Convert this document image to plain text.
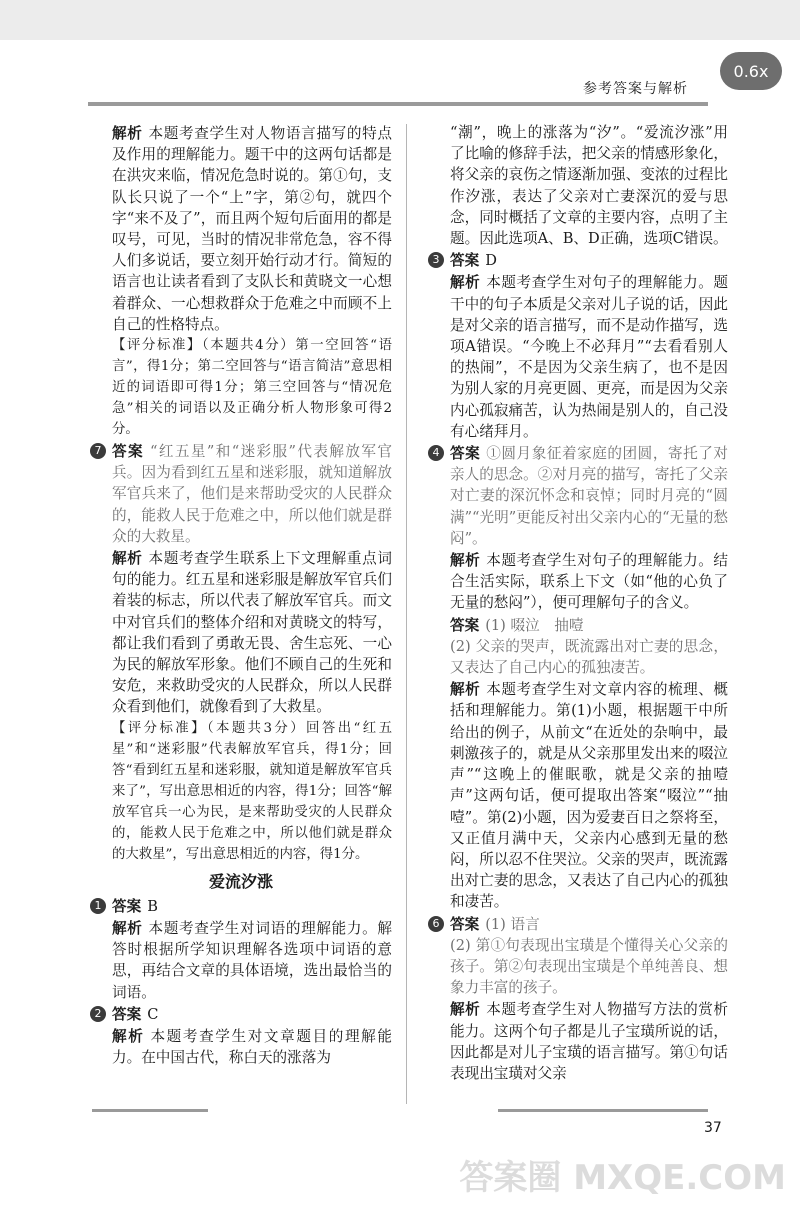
0.6x
参考答案与解析
解析 本题考查学生对人物语言描写的特点及作用的理解能力。题干中的这两句话都是在洪灾来临，情况危急时说的。第①句，支队长只说了一个“上”字，第②句，就四个字“来不及了”，而且两个短句后面用的都是叹号，可见，当时的情况非常危急，容不得人们多说话，要立刻开始行动才行。简短的语言也让读者看到了支队长和黄晓文一心想着群众、一心想救群众于危难之中而顾不上自己的性格特点。
【评分标准】（本题共4分）第一空回答“语言”，得1分；第二空回答与“语言简洁”意思相近的词语即可得1分；第三空回答与“情况危急”相关的词语以及正确分析人物形象可得2分。
7 答案 “红五星”和“迷彩服”代表解放军官兵。因为看到红五星和迷彩服，就知道解放军官兵来了，他们是来帮助受灾的人民群众的，能救人民于危难之中，所以他们就是群众的大救星。
解析 本题考查学生联系上下文理解重点词句的能力。红五星和迷彩服是解放军官兵们着装的标志，所以代表了解放军官兵。而文中对官兵们的整体介绍和对黄晓文的特写，都让我们看到了勇敢无畏、舍生忘死、一心为民的解放军形象。他们不顾自己的生死和安危，来救助受灾的人民群众，所以人民群众看到他们，就像看到了大救星。
【评分标准】（本题共3分）回答出“红五星”和“迷彩服”代表解放军官兵，得1分；回答“看到红五星和迷彩服，就知道是解放军官兵来了”，写出意思相近的内容，得1分；回答“解放军官兵一心为民，是来帮助受灾的人民群众的，能救人民于危难之中，所以他们就是群众的大救星”，写出意思相近的内容，得1分。
爱流汐涨
1 答案 B
解析 本题考查学生对词语的理解能力。解答时根据所学知识理解各选项中词语的意思，再结合文章的具体语境，选出最恰当的词语。
2 答案 C
解析 本题考查学生对文章题目的理解能力。在中国古代，称白天的涨落为
“潮”，晚上的涨落为“汐”。“爱流汐涨”用了比喻的修辞手法，把父亲的情感形象化，将父亲的哀伤之情逐渐加强、变浓的过程比作汐涨，表达了父亲对亡妻深沉的爱与思念，同时概括了文章的主要内容，点明了主题。因此选项A、B、D正确，选项C错误。
3 答案 D
解析 本题考查学生对句子的理解能力。题干中的句子本质是父亲对儿子说的话，因此是对父亲的语言描写，而不是动作描写，选项A错误。“今晚上不必拜月”“去看看别人的热闹”，不是因为父亲生病了，也不是因为别人家的月亮更圆、更亮，而是因为父亲内心孤寂痛苦，认为热闹是别人的，自己没有心绪拜月。
4 答案 ①圆月象征着家庭的团圆，寄托了对亲人的思念。②对月亮的描写，寄托了父亲对亡妻的深沉怀念和哀悼；同时月亮的“圆满”“光明”更能反衬出父亲内心的“无量的愁闷”。
解析 本题考查学生对句子的理解能力。结合生活实际，联系上下文（如“他的心负了无量的愁闷”），便可理解句子的含义。
答案 (1) 啜泣　抽噎
(2) 父亲的哭声，既流露出对亡妻的思念，又表达了自己内心的孤独凄苦。
解析 本题考查学生对文章内容的梳理、概括和理解能力。第(1)小题，根据题干中所给出的例子，从前文“在近处的杂响中，最刺激孩子的，就是从父亲那里发出来的啜泣声”“这晚上的催眠歌，就是父亲的抽噎声”这两句话，便可提取出答案“啜泣”“抽噎”。第(2)小题，因为爱妻百日之祭将至，又正值月满中天，父亲内心感到无量的愁闷，所以忍不住哭泣。父亲的哭声，既流露出对亡妻的思念，又表达了自己内心的孤独和凄苦。
6 答案 (1) 语言
(2) 第①句表现出宝璜是个懂得关心父亲的孩子。第②句表现出宝璜是个单纯善良、想象力丰富的孩子。
解析 本题考查学生对人物描写方法的赏析能力。这两个句子都是儿子宝璜所说的话，因此都是对儿子宝璜的语言描写。第①句话表现出宝璜对父亲
37
答案圈 MXQE.COM
